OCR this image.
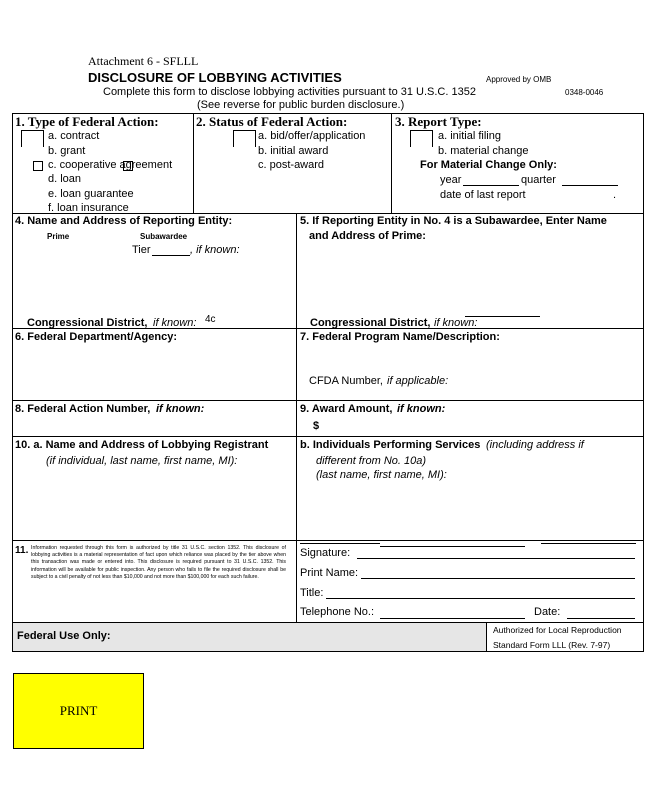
Attachment 6 - SFLLL
DISCLOSURE OF LOBBYING ACTIVITIES	Approved by OMB
Complete this form to disclose lobbying activities pursuant to 31 U.S.C. 1352	0348-0046
(See reverse for public burden disclosure.)
1. Type of Federal Action:
a. contract
b. grant
c. cooperative agreement
d. loan
e. loan guarantee
f. loan insurance
2. Status of Federal Action:
a. bid/offer/application
b. initial award
c. post-award
3. Report Type:
a. initial filing
b. material change
For Material Change Only:
year	quarter
date of last report	.
4. Name and Address of Reporting Entity:
Prime	Subawardee
Tier	, if known:
Congressional District, if known: 4c
5. If Reporting Entity in No. 4 is a Subawardee, Enter Name
and Address of Prime:
Congressional District, if known:
6. Federal Department/Agency:	7. Federal Program Name/Description:
CFDA Number, if applicable:
8. Federal Action Number, if known:	9. Award Amount, if known:
$
10. a. Name and Address of Lobbying Registrant
(if individual, last name, first name, MI):
b. Individuals Performing Services (including address if
different from No. 10a)
(last name, first name, MI):
11. Information requested through this form is authorized by title 31 U.S.C. section 1352. This disclosure of lobbying activities is a material representation of fact upon which reliance was placed by the tier above when this transaction was made or entered into. This disclosure is required pursuant to 31 U.S.C. 1352. This information will be available for public inspection. Any person who fails to file the required disclosure shall be subject to a civil penalty of not less than $10,000 and not more than $100,000 for each such failure.
Signature:
Print Name:
Title:
Telephone No.:	Date:
Federal Use Only:	Authorized for Local Reproduction
Standard Form LLL (Rev. 7-97)
PRINT
